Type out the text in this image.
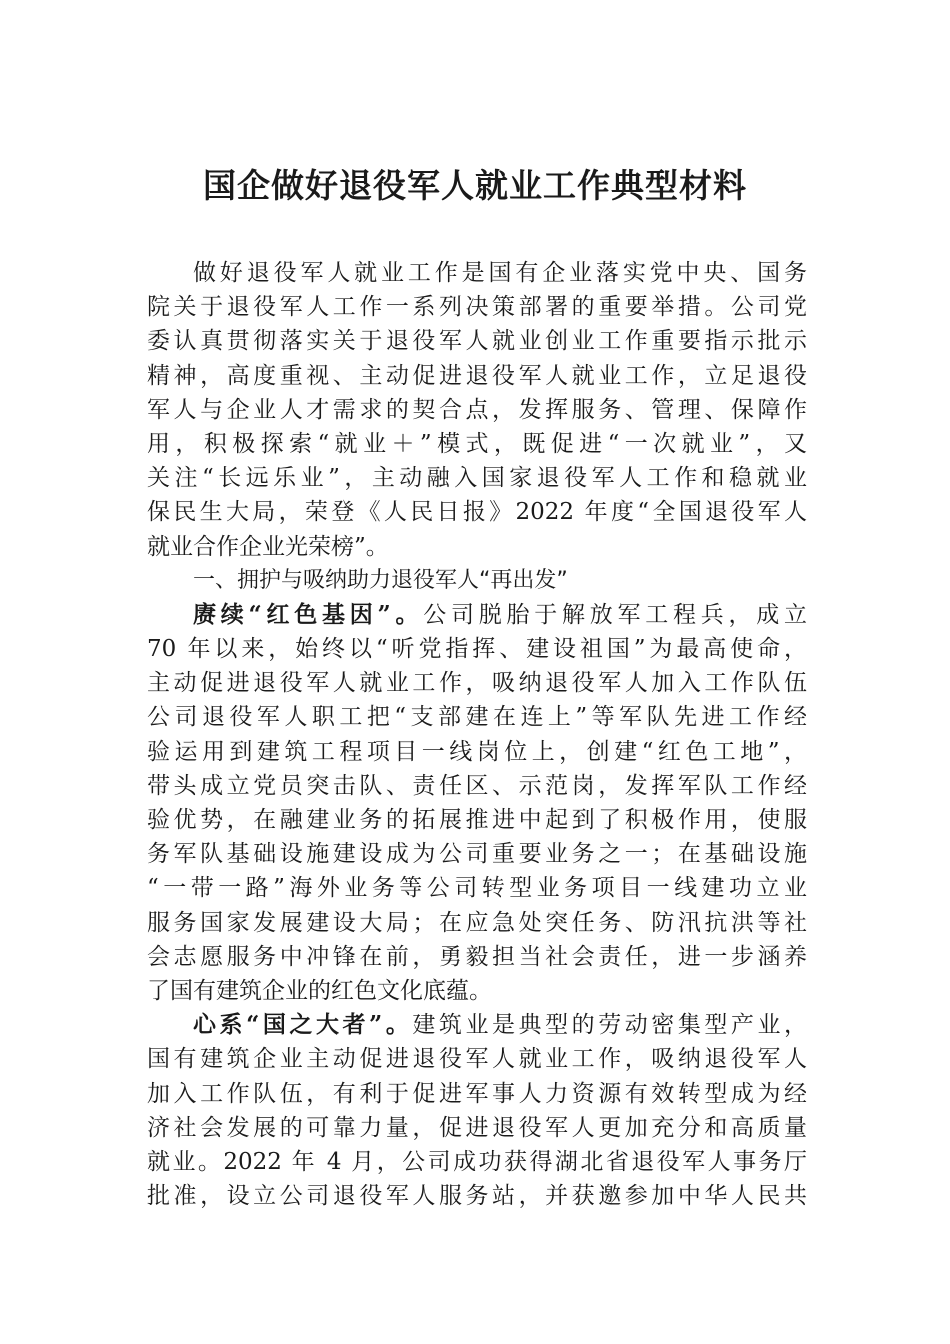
国企做好退役军人就业工作典型材料
做好退役军人就业工作是国有企业落实党中央、国务
院关于退役军人工作一系列决策部署的重要举措。公司党
委认真贯彻落实关于退役军人就业创业工作重要指示批示
精神，高度重视、主动促进退役军人就业工作，立足退役
军人与企业人才需求的契合点，发挥服务、管理、保障作
用，积极探索“就业＋”模式，既促进“一次就业”，又
关注“长远乐业”，主动融入国家退役军人工作和稳就业
保民生大局，荣登《人民日报》2022 年度“全国退役军人
就业合作企业光荣榜”。
一、拥护与吸纳助力退役军人“再出发”
赓续“红色基因”。公司脱胎于解放军工程兵，成立
70 年以来，始终以“听党指挥、建设祖国”为最高使命，
主动促进退役军人就业工作，吸纳退役军人加入工作队伍
公司退役军人职工把“支部建在连上”等军队先进工作经
验运用到建筑工程项目一线岗位上，创建“红色工地”，
带头成立党员突击队、责任区、示范岗，发挥军队工作经
验优势，在融建业务的拓展推进中起到了积极作用，使服
务军队基础设施建设成为公司重要业务之一；在基础设施
“一带一路”海外业务等公司转型业务项目一线建功立业
服务国家发展建设大局；在应急处突任务、防汛抗洪等社
会志愿服务中冲锋在前，勇毅担当社会责任，进一步涵养
了国有建筑企业的红色文化底蕴。
心系“国之大者”。建筑业是典型的劳动密集型产业，
国有建筑企业主动促进退役军人就业工作，吸纳退役军人
加入工作队伍，有利于促进军事人力资源有效转型成为经
济社会发展的可靠力量，促进退役军人更加充分和高质量
就业。2022 年 4 月，公司成功获得湖北省退役军人事务厅
批准，设立公司退役军人服务站，并获邀参加中华人民共
